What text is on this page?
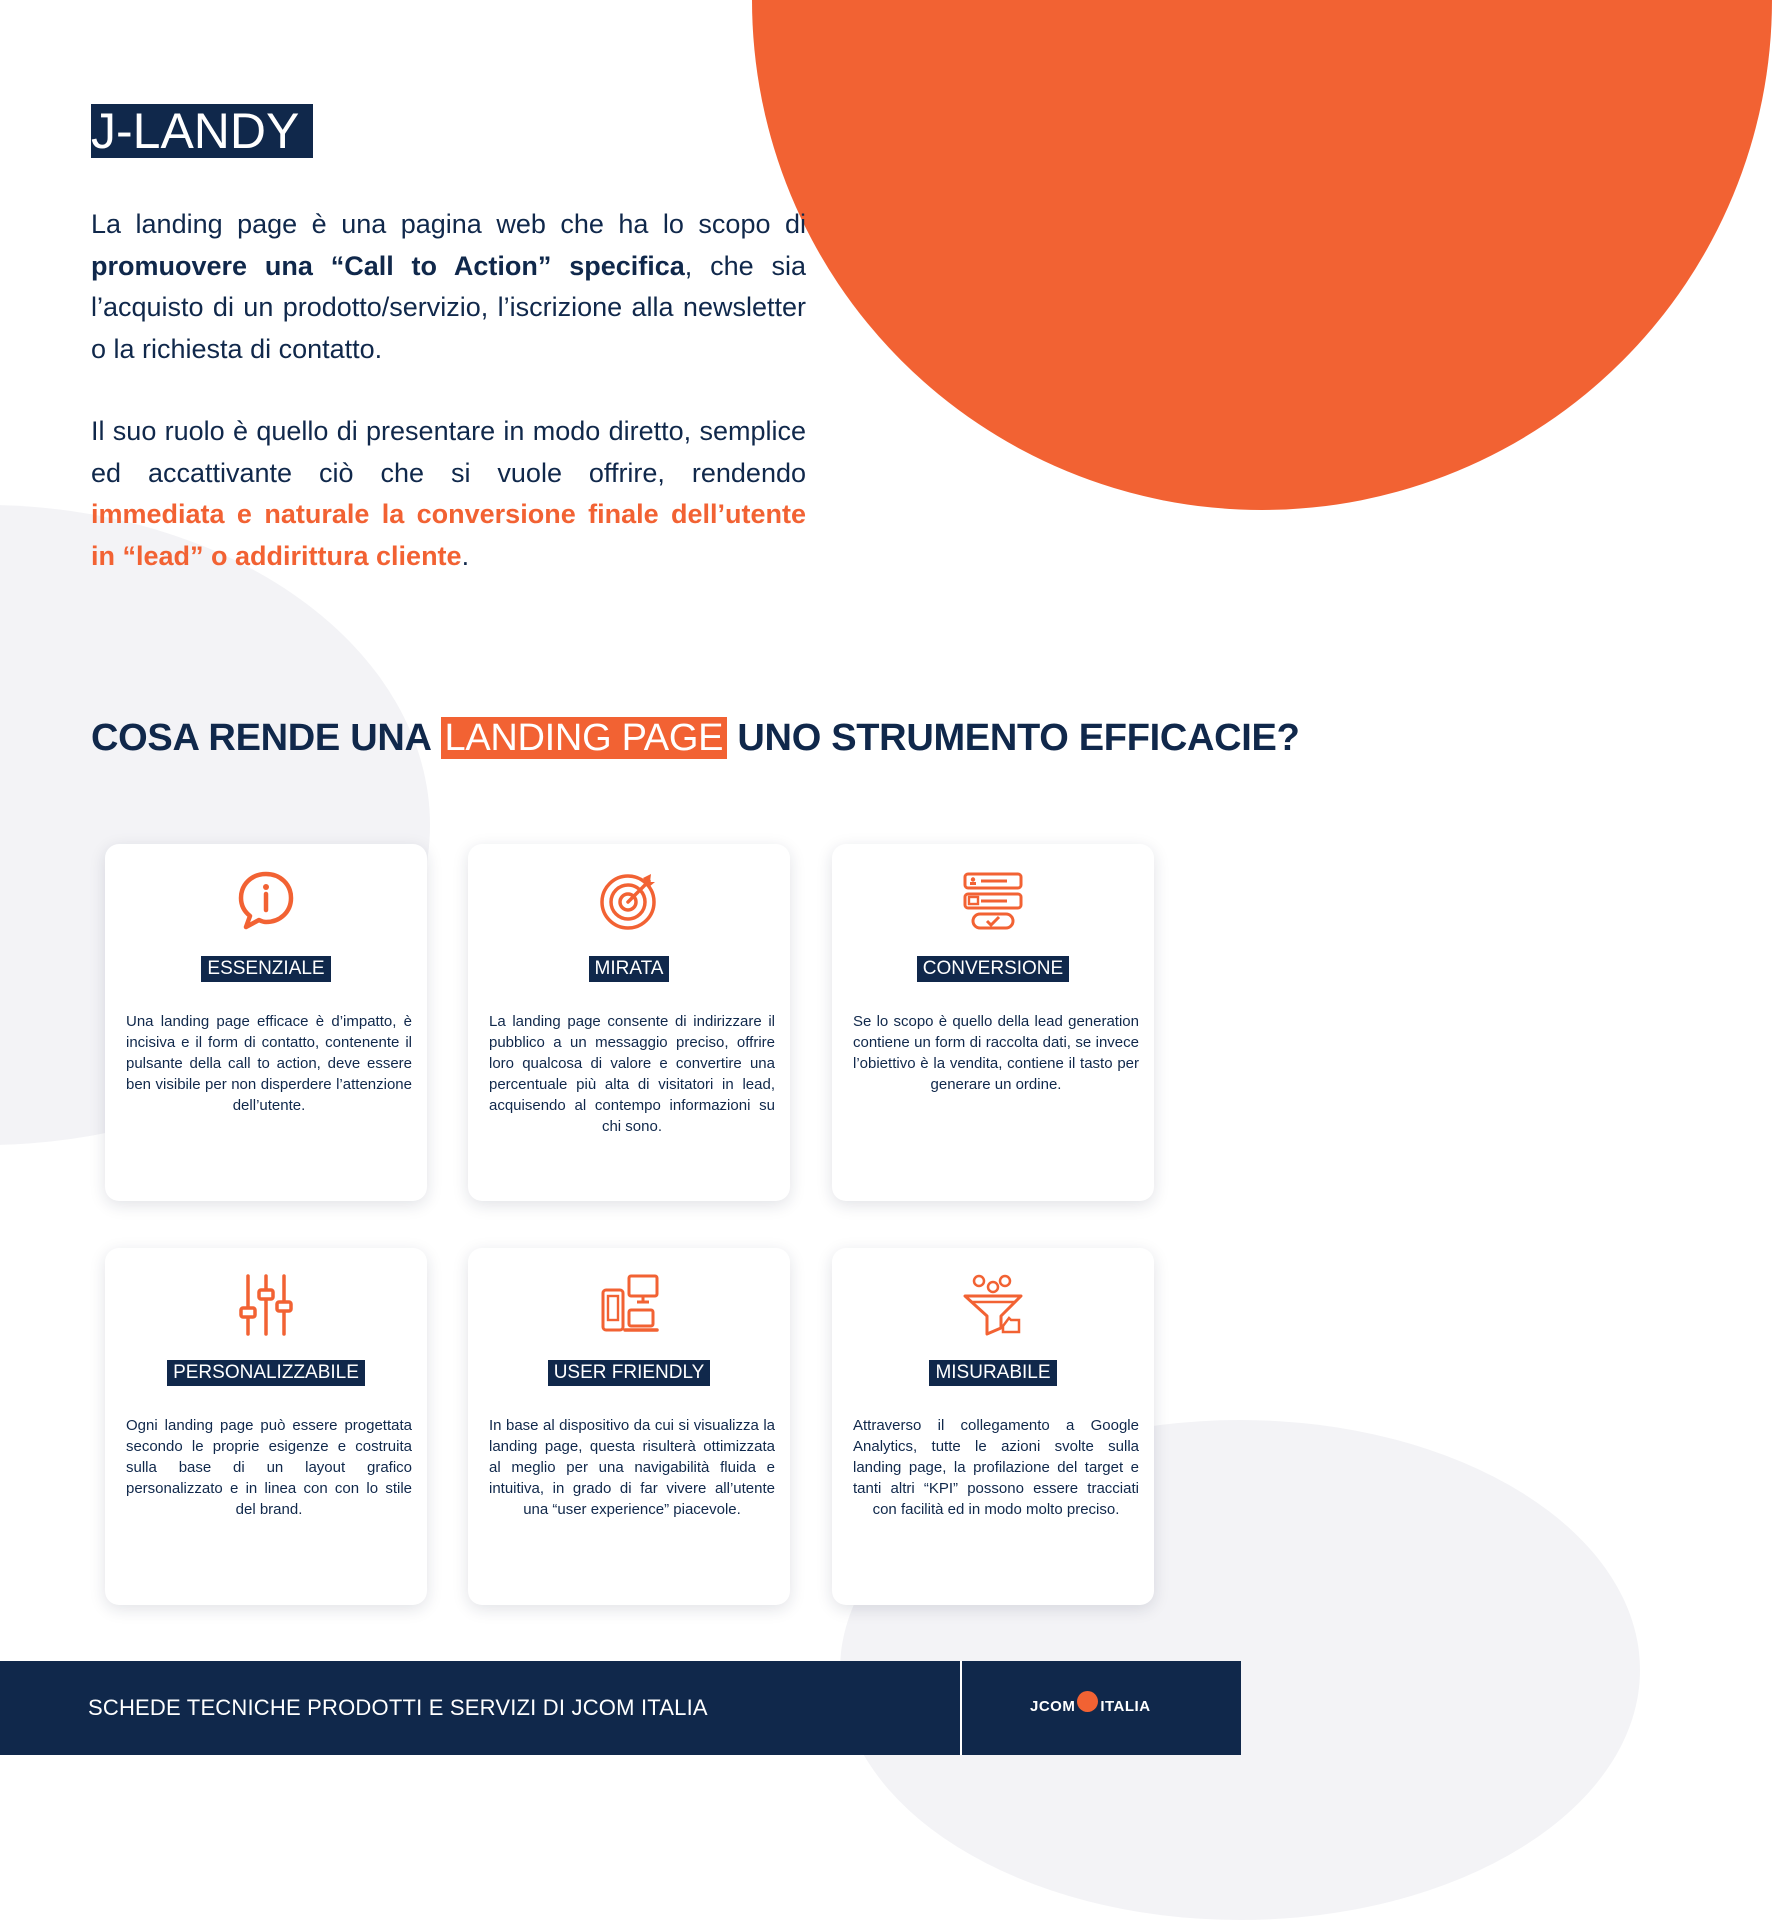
J-LANDY

La landing page è una pagina web che ha lo scopo di promuovere una “Call to Action” specifica, che sia l’acquisto di un prodotto/servizio, l’iscrizione alla newsletter o la richiesta di contatto.

Il suo ruolo è quello di presentare in modo diretto, semplice ed accattivante ciò che si vuole offrire, rendendo immediata e naturale la conversione finale dell’utente in “lead” o addirittura cliente.

COSA RENDE UNA LANDING PAGE UNO STRUMENTO EFFICACIE?
ESSENZIALE
Una landing page efficace è d’impatto, è incisiva e il form di contatto, contenente il pulsante della call to action, deve essere ben visibile per non disperdere l’attenzione dell’utente.
MIRATA
La landing page consente di indirizzare il pubblico a un messaggio preciso, offrire loro qualcosa di valore e convertire una percentuale più alta di visitatori in lead, acquisendo al contempo informazioni su chi sono.
CONVERSIONE
Se lo scopo è quello della lead generation contiene un form di raccolta dati, se invece l’obiettivo è la vendita, contiene il tasto per generare un ordine.
PERSONALIZZABILE
Ogni landing page può essere progettata secondo le proprie esigenze e costruita sulla base di un layout grafico personalizzato e in linea con con lo stile del brand.
USER FRIENDLY
In base al dispositivo da cui si visualizza la landing page, questa risulterà ottimizzata al meglio per una navigabilità fluida e intuitiva, in grado di far vivere all’utente una “user experience” piacevole.
MISURABILE
Attraverso il collegamento a Google Analytics, tutte le azioni svolte sulla landing page, la profilazione del target e tanti altri “KPI” possono essere tracciati con facilità ed in modo molto preciso.
SCHEDE TECNICHE PRODOTTI E SERVIZI DI JCOM ITALIA	JCOM ITALIA
